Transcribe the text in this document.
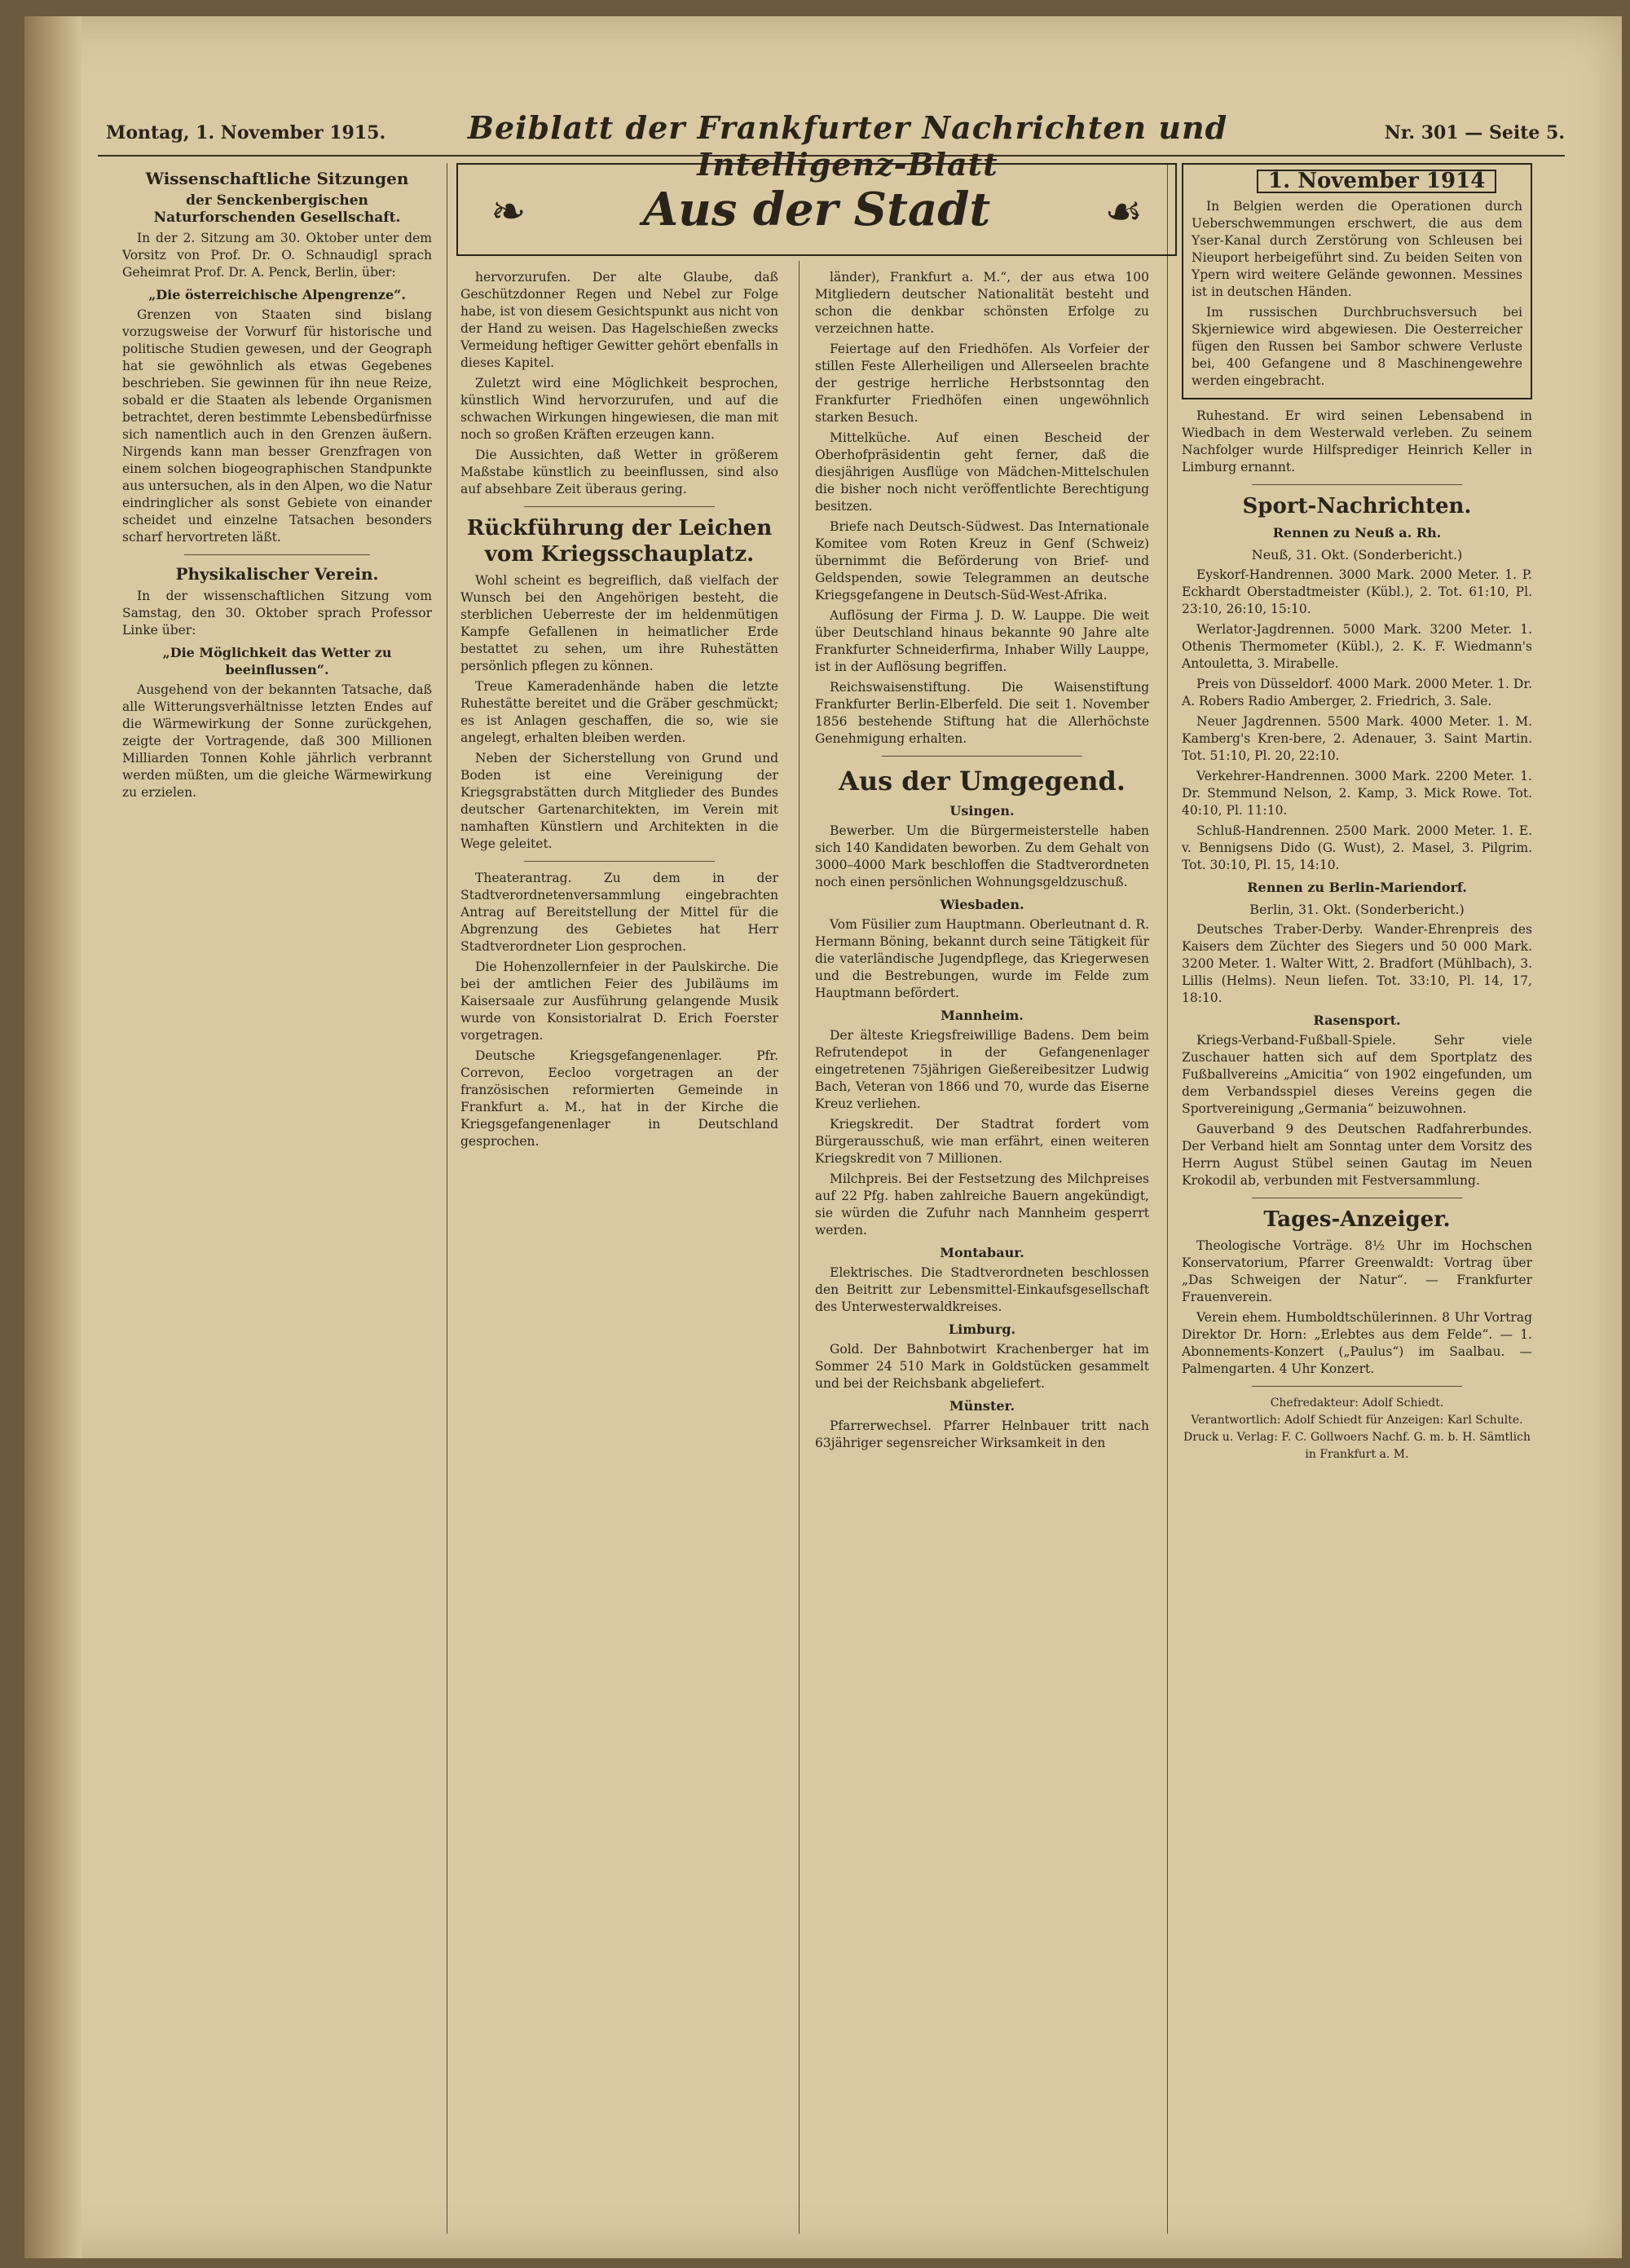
Montag, 1. November 1915.	Beiblatt der Frankfurter Nachrichten und Intelligenz-Blatt
Nr. 301 — Seite 5.
❧	Aus der Stadt	☙
Wissenschaftliche Sitzungen
der Senckenbergischen Naturforschenden Gesellschaft.

In der 2. Sitzung am 30. Oktober unter dem Vorsitz von Prof. Dr. O. Schnaudigl sprach Geheimrat Prof. Dr. A. Penck, Berlin, über:

„Die österreichische Alpengrenze“.

Grenzen von Staaten sind bislang vorzugsweise der Vorwurf für historische und politische Studien gewesen, und der Geograph hat sie gewöhnlich als etwas Gegebenes beschrieben. Sie gewinnen für ihn neue Reize, sobald er die Staaten als lebende Organismen betrachtet, deren bestimmte Lebensbedürfnisse sich namentlich auch in den Grenzen äußern. Nirgends kann man besser Grenzfragen von einem solchen biogeographischen Standpunkte aus untersuchen, als in den Alpen, wo die Natur eindringlicher als sonst Gebiete von einander scheidet und einzelne Tatsachen besonders scharf hervortreten läßt.

Physikalischer Verein.

In der wissenschaftlichen Sitzung vom Samstag, den 30. Oktober sprach Professor Linke über:

„Die Möglichkeit das Wetter zu beeinflussen“.

Ausgehend von der bekannten Tatsache, daß alle Witterungsverhältnisse letzten Endes auf die Wärmewirkung der Sonne zurückgehen, zeigte der Vortragende, daß 300 Millionen Milliarden Tonnen Kohle jährlich verbrannt werden müßten, um die gleiche Wärmewirkung zu erzielen.

hervorzurufen. Der alte Glaube, daß Geschützdonner Regen und Nebel zur Folge habe, ist von diesem Gesichtspunkt aus nicht von der Hand zu weisen. Das Hagelschießen zwecks Vermeidung heftiger Gewitter gehört ebenfalls in dieses Kapitel.

Zuletzt wird eine Möglichkeit besprochen, künstlich Wind hervorzurufen, und auf die schwachen Wirkungen hingewiesen, die man mit noch so großen Kräften erzeugen kann.

Die Aussichten, daß Wetter in größerem Maßstabe künstlich zu beeinflussen, sind also auf absehbare Zeit überaus gering.

Rückführung der Leichen vom Kriegsschauplatz.

Wohl scheint es begreiflich, daß vielfach der Wunsch bei den Angehörigen besteht, die sterblichen Ueberreste der im heldenmütigen Kampfe Gefallenen in heimatlicher Erde bestattet zu sehen, um ihre Ruhestätten persönlich pflegen zu können.

Treue Kameradenhände haben die letzte Ruhestätte bereitet und die Gräber geschmückt; es ist Anlagen geschaffen, die so, wie sie angelegt, erhalten bleiben werden.

Neben der Sicherstellung von Grund und Boden ist eine Vereinigung der Kriegsgrabstätten durch Mitglieder des Bundes deutscher Gartenarchitekten, im Verein mit namhaften Künstlern und Architekten in die Wege geleitet.

Theaterantrag. Zu dem in der Stadtverordnetenversammlung eingebrachten Antrag auf Bereitstellung der Mittel für die Abgrenzung des Gebietes hat Herr Stadtverordneter Lion gesprochen.

Die Hohenzollernfeier in der Paulskirche. Die bei der amtlichen Feier des Jubiläums im Kaisersaale zur Ausführung gelangende Musik wurde von Konsistorialrat D. Erich Foerster vorgetragen.

Deutsche Kriegsgefangenenlager. Pfr. Correvon, Eecloo vorgetragen an der französischen reformierten Gemeinde in Frankfurt a. M., hat in der Kirche die Kriegsgefangenenlager in Deutschland gesprochen.

länder), Frankfurt a. M.“, der aus etwa 100 Mitgliedern deutscher Nationalität besteht und schon die denkbar schönsten Erfolge zu verzeichnen hatte.

Feiertage auf den Friedhöfen. Als Vorfeier der stillen Feste Allerheiligen und Allerseelen brachte der gestrige herrliche Herbstsonntag den Frankfurter Friedhöfen einen ungewöhnlich starken Besuch.

Mittelküche. Auf einen Bescheid der Oberhofpräsidentin geht ferner, daß die diesjährigen Ausflüge von Mädchen-Mittelschulen die bisher noch nicht veröffentlichte Berechtigung besitzen.

Briefe nach Deutsch-Südwest. Das Internationale Komitee vom Roten Kreuz in Genf (Schweiz) übernimmt die Beförderung von Brief- und Geldspenden, sowie Telegrammen an deutsche Kriegsgefangene in Deutsch-Süd-West-Afrika.

Auflösung der Firma J. D. W. Lauppe. Die weit über Deutschland hinaus bekannte 90 Jahre alte Frankfurter Schneiderfirma, Inhaber Willy Lauppe, ist in der Auflösung begriffen.

Reichswaisenstiftung. Die Waisenstiftung Frankfurter Berlin-Elberfeld. Die seit 1. November 1856 bestehende Stiftung hat die Allerhöchste Genehmigung erhalten.

Aus der Umgegend.
Usingen.

Bewerber. Um die Bürgermeisterstelle haben sich 140 Kandidaten beworben. Zu dem Gehalt von 3000–4000 Mark beschloffen die Stadtverordneten noch einen persönlichen Wohnungsgeldzuschuß.

Wiesbaden.

Vom Füsilier zum Hauptmann. Oberleutnant d. R. Hermann Böning, bekannt durch seine Tätigkeit für die vaterländische Jugendpflege, das Kriegerwesen und die Bestrebungen, wurde im Felde zum Hauptmann befördert.

Mannheim.

Der älteste Kriegsfreiwillige Badens. Dem beim Refrutendepot in der Gefangenenlager eingetretenen 75jährigen Gießereibesitzer Ludwig Bach, Veteran von 1866 und 70, wurde das Eiserne Kreuz verliehen.

Kriegskredit. Der Stadtrat fordert vom Bürgerausschuß, wie man erfährt, einen weiteren Kriegskredit von 7 Millionen.

Milchpreis. Bei der Festsetzung des Milchpreises auf 22 Pfg. haben zahlreiche Bauern angekündigt, sie würden die Zufuhr nach Mannheim gesperrt werden.

Montabaur.

Elektrisches. Die Stadtverordneten beschlossen den Beitritt zur Lebensmittel-Einkaufsgesellschaft des Unterwesterwaldkreises.

Limburg.

Gold. Der Bahnbotwirt Krachenberger hat im Sommer 24 510 Mark in Goldstücken gesammelt und bei der Reichsbank abgeliefert.

Münster.

Pfarrerwechsel. Pfarrer Helnbauer tritt nach 63jähriger segensreicher Wirksamkeit in den

1. November 1914

In Belgien werden die Operationen durch Ueberschwemmungen erschwert, die aus dem Yser-Kanal durch Zerstörung von Schleusen bei Nieuport herbeigeführt sind. Zu beiden Seiten von Ypern wird weitere Gelände gewonnen. Messines ist in deutschen Händen.

Im russischen Durchbruchsversuch bei Skjerniewice wird abgewiesen. Die Oesterreicher fügen den Russen bei Sambor schwere Verluste bei, 400 Gefangene und 8 Maschinengewehre werden eingebracht.

Ruhestand. Er wird seinen Lebensabend in Wiedbach in dem Westerwald verleben. Zu seinem Nachfolger wurde Hilfsprediger Heinrich Keller in Limburg ernannt.

Sport-Nachrichten.
Rennen zu Neuß a. Rh.
Neuß, 31. Okt. (Sonderbericht.)

Eyskorf-Handrennen. 3000 Mark. 2000 Meter. 1. P. Eckhardt Oberstadtmeister (Kübl.), 2. Tot. 61:10, Pl. 23:10, 26:10, 15:10.

Werlator-Jagdrennen. 5000 Mark. 3200 Meter. 1. Othenis Thermometer (Kübl.), 2. K. F. Wiedmann's Antouletta, 3. Mirabelle.

Preis von Düsseldorf. 4000 Mark. 2000 Meter. 1. Dr. A. Robers Radio Amberger, 2. Friedrich, 3. Sale.

Neuer Jagdrennen. 5500 Mark. 4000 Meter. 1. M. Kamberg's Kren-bere, 2. Adenauer, 3. Saint Martin. Tot. 51:10, Pl. 20, 22:10.

Verkehrer-Handrennen. 3000 Mark. 2200 Meter. 1. Dr. Stemmund Nelson, 2. Kamp, 3. Mick Rowe. Tot. 40:10, Pl. 11:10.

Schluß-Handrennen. 2500 Mark. 2000 Meter. 1. E. v. Bennigsens Dido (G. Wust), 2. Masel, 3. Pilgrim. Tot. 30:10, Pl. 15, 14:10.

Rennen zu Berlin-Mariendorf.
Berlin, 31. Okt. (Sonderbericht.)

Deutsches Traber-Derby. Wander-Ehrenpreis des Kaisers dem Züchter des Siegers und 50 000 Mark. 3200 Meter. 1. Walter Witt, 2. Bradfort (Mühlbach), 3. Lillis (Helms). Neun liefen. Tot. 33:10, Pl. 14, 17, 18:10.

Rasensport.

Kriegs-Verband-Fußball-Spiele. Sehr viele Zuschauer hatten sich auf dem Sportplatz des Fußballvereins „Amicitia“ von 1902 eingefunden, um dem Verbandsspiel dieses Vereins gegen die Sportvereinigung „Germania“ beizuwohnen.

Gauverband 9 des Deutschen Radfahrerbundes. Der Verband hielt am Sonntag unter dem Vorsitz des Herrn August Stübel seinen Gautag im Neuen Krokodil ab, verbunden mit Festversammlung.

Tages-Anzeiger.

Theologische Vorträge. 8½ Uhr im Hochschen Konservatorium, Pfarrer Greenwaldt: Vortrag über „Das Schweigen der Natur“. — Frankfurter Frauenverein.

Verein ehem. Humboldtschülerinnen. 8 Uhr Vortrag Direktor Dr. Horn: „Erlebtes aus dem Felde“. — 1. Abonnements-Konzert („Paulus“) im Saalbau. — Palmengarten. 4 Uhr Konzert.

Chefredakteur: Adolf Schiedt.
Verantwortlich: Adolf Schiedt für Anzeigen: Karl Schulte.
Druck u. Verlag: F. C. Gollwoers Nachf. G. m. b. H. Sämtlich in Frankfurt a. M.
